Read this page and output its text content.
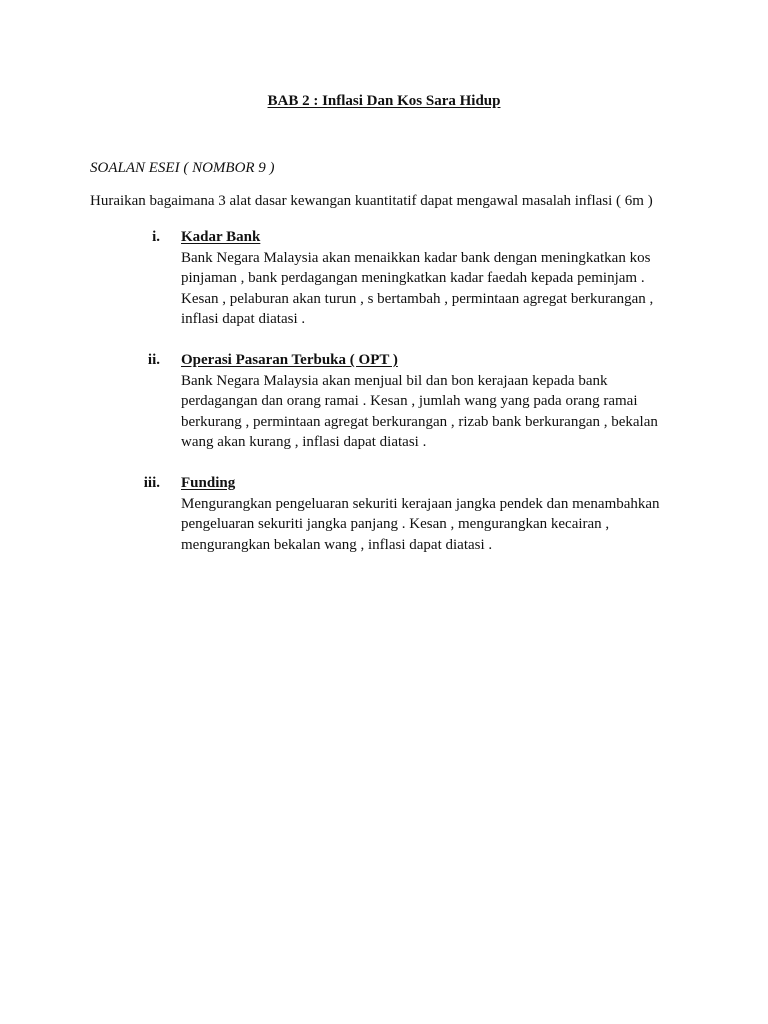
BAB 2 : Inflasi Dan Kos Sara Hidup
SOALAN ESEI ( NOMBOR 9 )
Huraikan bagaimana 3 alat dasar kewangan kuantitatif dapat mengawal masalah inflasi ( 6m )
i. Kadar Bank

Bank Negara Malaysia akan menaikkan kadar bank dengan meningkatkan kos pinjaman , bank perdagangan meningkatkan kadar faedah kepada peminjam . Kesan , pelaburan akan turun , s bertambah , permintaan agregat berkurangan , inflasi dapat diatasi .

ii. Operasi Pasaran Terbuka ( OPT )

Bank Negara Malaysia akan menjual bil dan bon kerajaan kepada bank perdagangan dan orang ramai . Kesan , jumlah wang yang pada orang ramai berkurang , permintaan agregat berkurangan , rizab bank berkurangan , bekalan wang akan kurang , inflasi dapat diatasi .

iii. Funding

Mengurangkan pengeluaran sekuriti kerajaan jangka pendek dan menambahkan pengeluaran sekuriti jangka panjang . Kesan , mengurangkan kecairan , mengurangkan bekalan wang , inflasi dapat diatasi .
